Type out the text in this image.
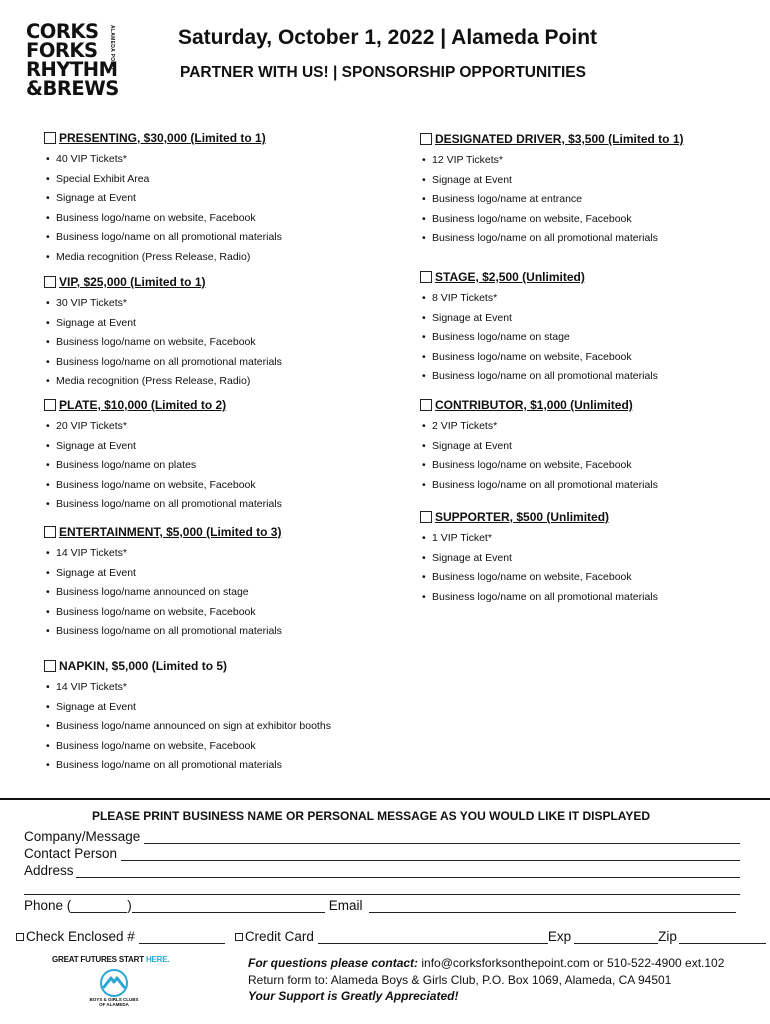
CORKS
FORKS
RHYTHM
&BREWS
ALAMEDA POINT	Saturday, October 1, 2022 | Alameda Point
PARTNER WITH US! | SPONSORSHIP OPPORTUNITIES
PRESENTING, $30,000 (Limited to 1)
• 40 VIP Tickets*
• Special Exhibit Area
• Signage at Event
• Business logo/name on website, Facebook
• Business logo/name on all promotional materials
• Media recognition (Press Release, Radio)
VIP, $25,000 (Limited to 1)
• 30 VIP Tickets*
• Signage at Event
• Business logo/name on website, Facebook
• Business logo/name on all promotional materials
• Media recognition (Press Release, Radio)
PLATE, $10,000 (Limited to 2)
• 20 VIP Tickets*
• Signage at Event
• Business logo/name on plates
• Business logo/name on website, Facebook
• Business logo/name on all promotional materials
ENTERTAINMENT, $5,000 (Limited to 3)
• 14 VIP Tickets*
• Signage at Event
• Business logo/name announced on stage
• Business logo/name on website, Facebook
• Business logo/name on all promotional materials
NAPKIN, $5,000 (Limited to 5)
• 14 VIP Tickets*
• Signage at Event
• Business logo/name announced on sign at exhibitor booths
• Business logo/name on website, Facebook
• Business logo/name on all promotional materials
DESIGNATED DRIVER, $3,500 (Limited to 1)
• 12 VIP Tickets*
• Signage at Event
• Business logo/name at entrance
• Business logo/name on website, Facebook
• Business logo/name on all promotional materials
STAGE, $2,500 (Unlimited)
• 8 VIP Tickets*
• Signage at Event
• Business logo/name on stage
• Business logo/name on website, Facebook
• Business logo/name on all promotional materials
CONTRIBUTOR, $1,000 (Unlimited)
• 2 VIP Tickets*
• Signage at Event
• Business logo/name on website, Facebook
• Business logo/name on all promotional materials
SUPPORTER, $500 (Unlimited)
• 1 VIP Ticket*
• Signage at Event
• Business logo/name on website, Facebook
• Business logo/name on all promotional materials
PLEASE PRINT BUSINESS NAME OR PERSONAL MESSAGE AS YOU WOULD LIKE IT DISPLAYED
Company/Message
Contact Person
Address
Phone (	)	Email
Check Enclosed #	Credit Card	Exp	Zip
GREAT FUTURES START HERE.
BOYS & GIRLS CLUBS
OF ALAMEDA
For questions please contact: info@corksforksonthepoint.com or 510-522-4900 ext.102
Return form to: Alameda Boys & Girls Club, P.O. Box 1069, Alameda, CA 94501
Your Support is Greatly Appreciated!
